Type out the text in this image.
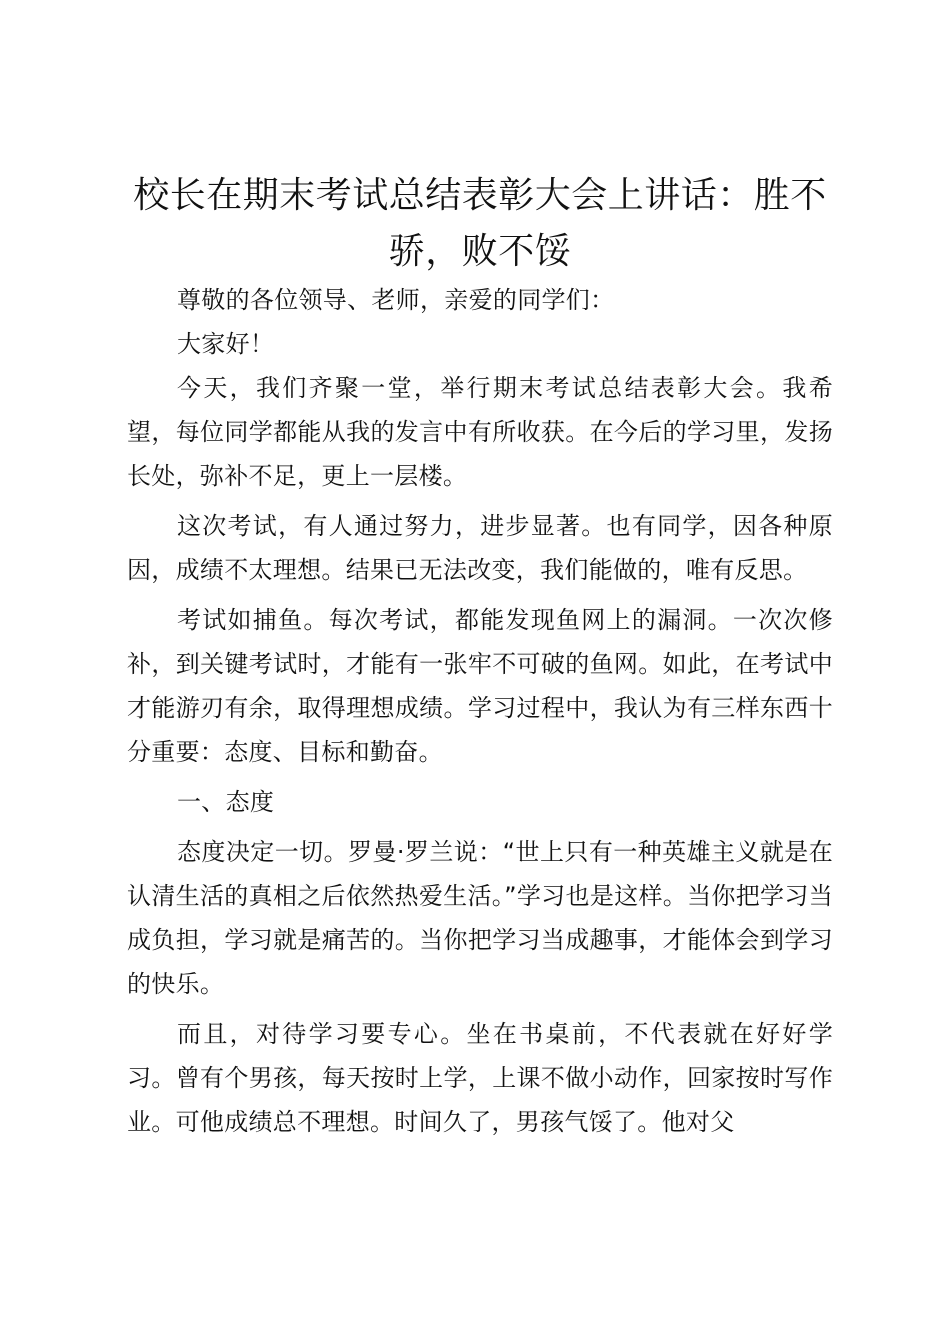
校长在期末考试总结表彰大会上讲话：胜不骄，败不馁

尊敬的各位领导、老师，亲爱的同学们：

大家好！

今天，我们齐聚一堂，举行期末考试总结表彰大会。我希望，每位同学都能从我的发言中有所收获。在今后的学习里，发扬长处，弥补不足，更上一层楼。

这次考试，有人通过努力，进步显著。也有同学，因各种原因，成绩不太理想。结果已无法改变，我们能做的，唯有反思。

考试如捕鱼。每次考试，都能发现鱼网上的漏洞。一次次修补，到关键考试时，才能有一张牢不可破的鱼网。如此，在考试中才能游刃有余，取得理想成绩。学习过程中，我认为有三样东西十分重要：态度、目标和勤奋。

一、态度

态度决定一切。罗曼·罗兰说：“世上只有一种英雄主义就是在认清生活的真相之后依然热爱生活。”学习也是这样。当你把学习当成负担，学习就是痛苦的。当你把学习当成趣事，才能体会到学习的快乐。

而且，对待学习要专心。坐在书桌前，不代表就在好好学习。曾有个男孩，每天按时上学，上课不做小动作，回家按时写作业。可他成绩总不理想。时间久了，男孩气馁了。他对父
